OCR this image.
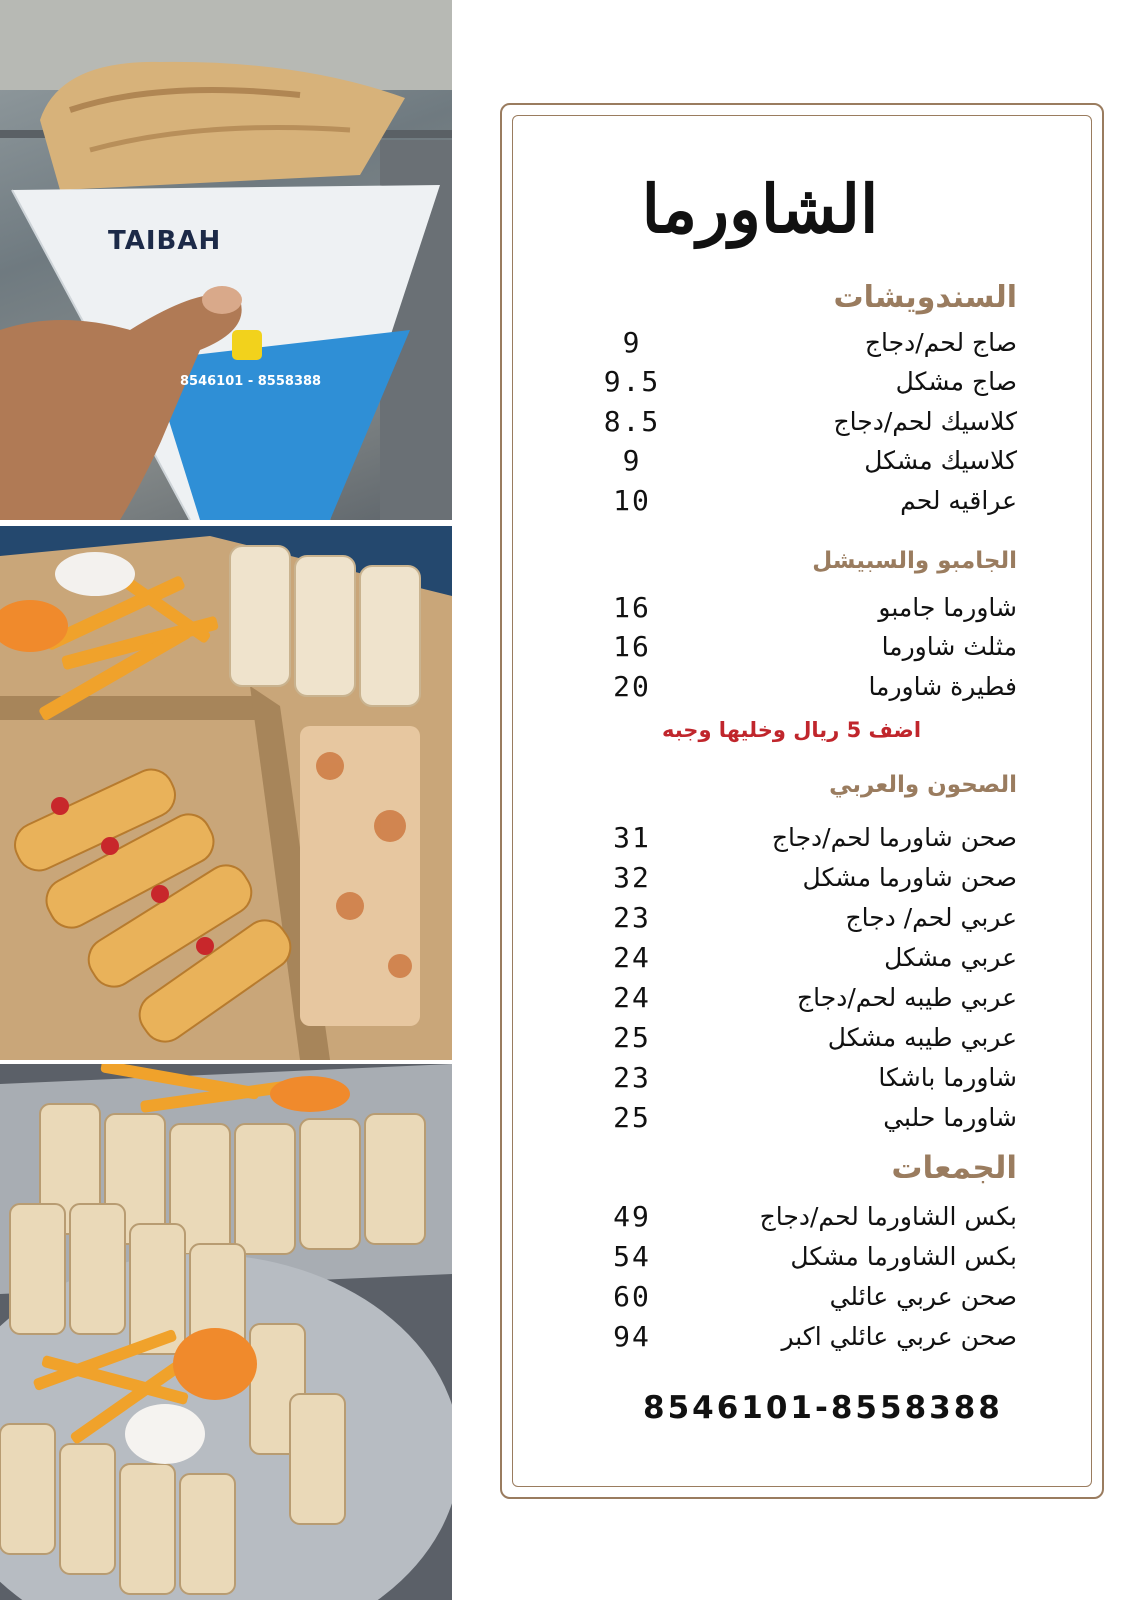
TAIBAH
8546101 - 8558388
الشاورما
السندويشات
صاج لحم/دجاج
9
صاج مشكل
9.5
كلاسيك لحم/دجاج
8.5
كلاسيك مشكل
9
عراقيه لحم
10
الجامبو والسبيشل
شاورما جامبو
16
مثلث شاورما
16
فطيرة شاورما
20
اضف 5 ريال وخليها وجبه
الصحون والعربي
صحن شاورما لحم/دجاج
31
صحن شاورما مشكل
32
عربي لحم/ دجاج
23
عربي مشكل
24
عربي طيبه لحم/دجاج
24
عربي طيبه مشكل
25
شاورما باشكا
23
شاورما حلبي
25
الجمعات
بكس الشاورما لحم/دجاج
49
بكس الشاورما مشكل
54
صحن عربي عائلي
60
صحن عربي عائلي اكبر
94
8546101-8558388
